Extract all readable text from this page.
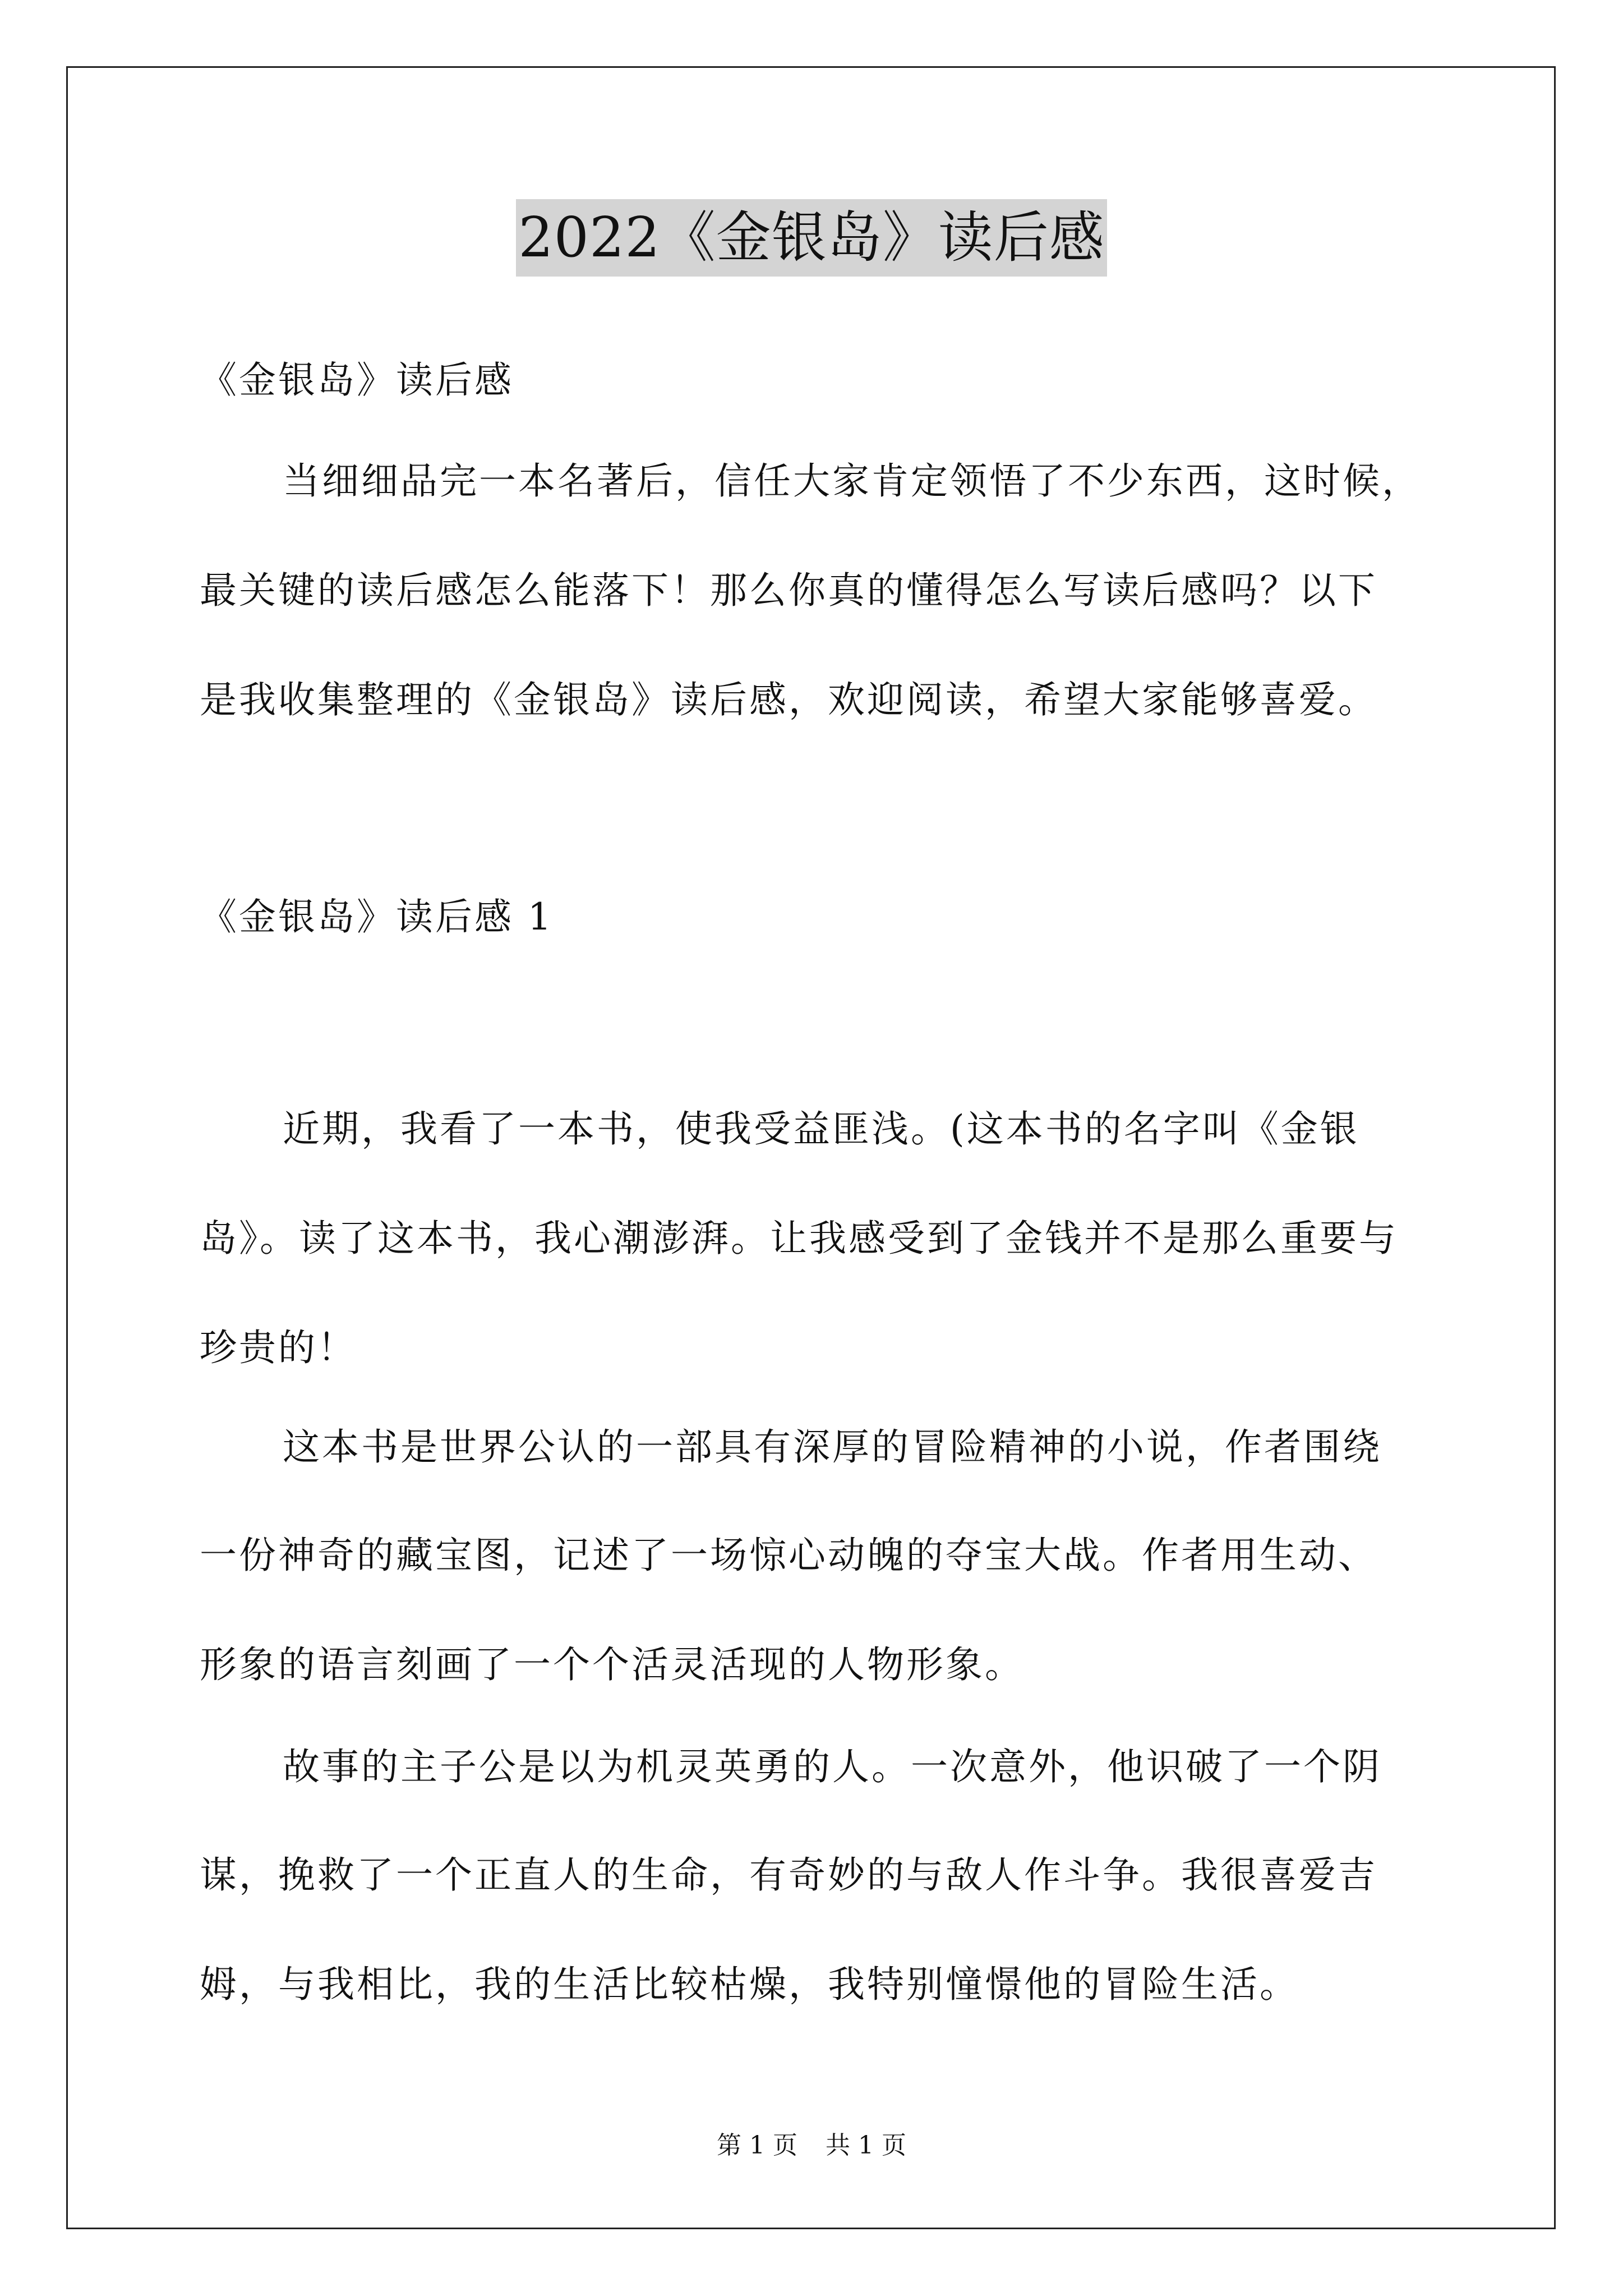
2022《金银岛》读后感
《金银岛》读后感
当细细品完一本名著后，信任大家肯定领悟了不少东西，这时候，
最关键的读后感怎么能落下！那么你真的懂得怎么写读后感吗？以下
是我收集整理的《金银岛》读后感，欢迎阅读，希望大家能够喜爱。
《金银岛》读后感 1
近期，我看了一本书，使我受益匪浅。(这本书的名字叫《金银
岛》。读了这本书，我心潮澎湃。让我感受到了金钱并不是那么重要与
珍贵的！
这本书是世界公认的一部具有深厚的冒险精神的小说，作者围绕
一份神奇的藏宝图，记述了一场惊心动魄的夺宝大战。作者用生动、
形象的语言刻画了一个个活灵活现的人物形象。
故事的主子公是以为机灵英勇的人。一次意外，他识破了一个阴
谋，挽救了一个正直人的生命，有奇妙的与敌人作斗争。我很喜爱吉
姆，与我相比，我的生活比较枯燥，我特别憧憬他的冒险生活。
第 1 页 共 1 页
